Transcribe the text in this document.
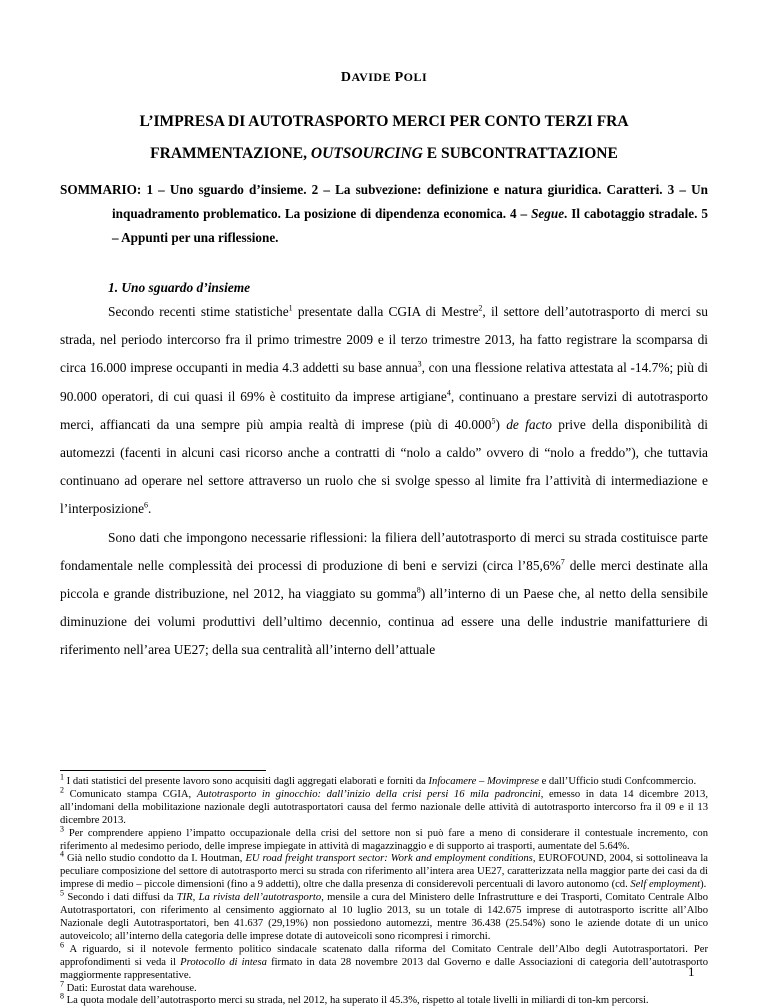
DAVIDE POLI
L’IMPRESA DI AUTOTRASPORTO MERCI PER CONTO TERZI FRA
FRAMMENTAZIONE, OUTSOURCING E SUBCONTRATTAZIONE
SOMMARIO: 1 – Uno sguardo d’insieme. 2 – La subvezione: definizione e natura giuridica. Caratteri. 3 – Un inquadramento problematico. La posizione di dipendenza economica. 4 – Segue. Il cabotaggio stradale. 5 – Appunti per una riflessione.
1. Uno sguardo d’insieme

Secondo recenti stime statistiche$^1$ presentate dalla CGIA di Mestre$^2$, il settore dell’autotrasporto di merci su strada, nel periodo intercorso fra il primo trimestre 2009 e il terzo trimestre 2013, ha fatto registrare la scomparsa di circa 16.000 imprese occupanti in media 4.3 addetti su base annua$^3$, con una flessione relativa attestata al -14.7%; più di 90.000 operatori, di cui quasi il 69% è costituito da imprese artigiane$^4$, continuano a prestare servizi di autotrasporto merci, affiancati da una sempre più ampia realtà di imprese (più di 40.000$^5$) de facto prive della disponibilità di automezzi (facenti in alcuni casi ricorso anche a contratti di “nolo a caldo” ovvero di “nolo a freddo”), che tuttavia continuano ad operare nel settore attraverso un ruolo che si svolge spesso al limite fra l’attività di intermediazione e l’interposizione$^6$.

Sono dati che impongono necessarie riflessioni: la filiera dell’autotrasporto di merci su strada costituisce parte fondamentale nelle complessità dei processi di produzione di beni e servizi (circa l’85,6%$^7$ delle merci destinate alla piccola e grande distribuzione, nel 2012, ha viaggiato su gomma$^8$) all’interno di un Paese che, al netto della sensibile diminuzione dei volumi produttivi dell’ultimo decennio, continua ad essere una delle industrie manifatturiere di riferimento nell’area UE27; della sua centralità all’interno dell’attuale

$^1$ I dati statistici del presente lavoro sono acquisiti dagli aggregati elaborati e forniti da Infocamere – Movimprese e dall’Ufficio studi Confcommercio.

$^2$ Comunicato stampa CGIA, Autotrasporto in ginocchio: dall’inizio della crisi persi 16 mila padroncini, emesso in data 14 dicembre 2013, all’indomani della mobilitazione nazionale degli autotrasportatori causa del fermo nazionale delle attività di autotrasporto intercorso fra il 09 e il 13 dicembre 2013.

$^3$ Per comprendere appieno l’impatto occupazionale della crisi del settore non si può fare a meno di considerare il contestuale incremento, con riferimento al medesimo periodo, delle imprese impiegate in attività di magazzinaggio e di supporto ai trasporti, aumentate del 5.64%.

$^4$ Già nello studio condotto da I. Houtman, EU road freight transport sector: Work and employment conditions, EUROFOUND, 2004, si sottolineava la peculiare composizione del settore di autotrasporto merci su strada con riferimento all’intera area UE27, caratterizzata nella maggior parte dei casi da di imprese di medio – piccole dimensioni (fino a 9 addetti), oltre che dalla presenza di considerevoli percentuali di lavoro autonomo (cd. Self employment).

$^5$ Secondo i dati diffusi da TIR, La rivista dell’autotrasporto, mensile a cura del Ministero delle Infrastrutture e dei Trasporti, Comitato Centrale Albo Autotrasportatori, con riferimento al censimento aggiornato al 10 luglio 2013, su un totale di 142.675 imprese di autotrasporto iscritte all’Albo Nazionale degli Autotrasportatori, ben 41.637 (29,19%) non possiedono automezzi, mentre 36.438 (25.54%) sono le aziende dotate di un unico autoveicolo; all’interno della categoria delle imprese dotate di autoveicoli sono ricompresi i rimorchi.

$^6$ A riguardo, si il notevole fermento politico sindacale scatenato dalla riforma del Comitato Centrale dell’Albo degli Autotrasportatori. Per approfondimenti si veda il Protocollo di intesa firmato in data 28 novembre 2013 dal Governo e dalle Associazioni di categoria dell’autotrasporto maggiormente rappresentative.

$^7$ Dati: Eurostat data warehouse.

$^8$ La quota modale dell’autotrasporto merci su strada, nel 2012, ha superato il 45.3%, rispetto al totale livelli in miliardi di ton-km percorsi.

1
